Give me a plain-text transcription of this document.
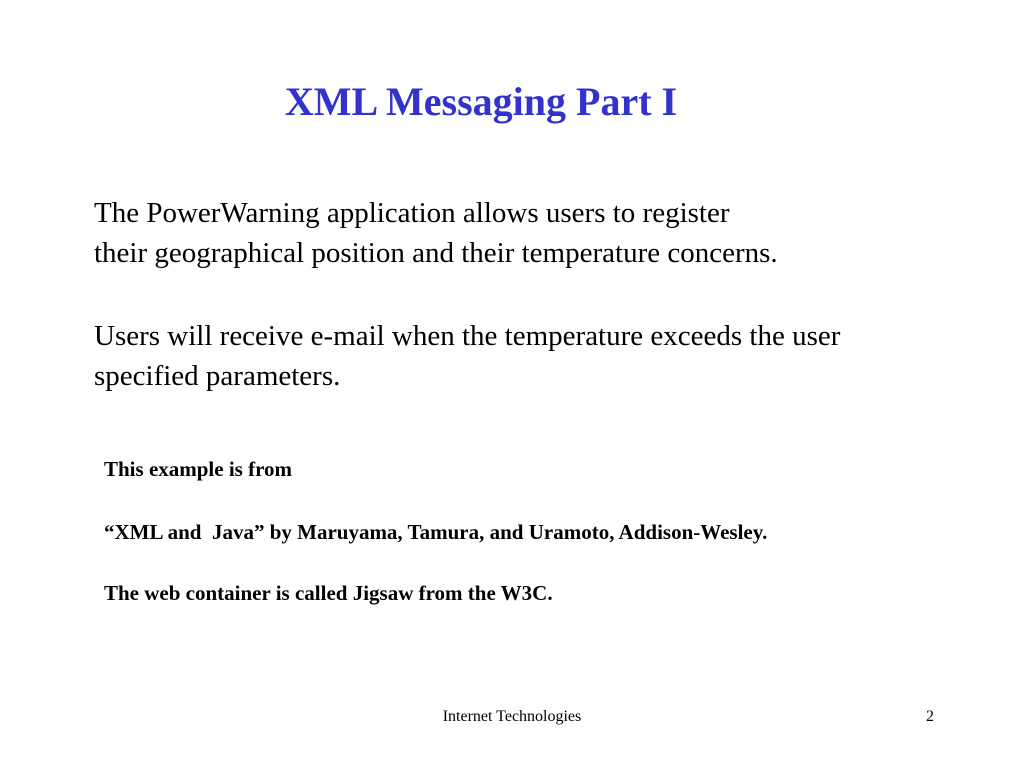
XML Messaging Part I
The PowerWarning application allows users to register
their geographical position and their temperature concerns.
Users will receive e-mail when the temperature exceeds the user
specified parameters.
This example is from
“XML and  Java” by Maruyama, Tamura, and Uramoto, Addison-Wesley.
The web container is called Jigsaw from the W3C.
Internet Technologies	2
